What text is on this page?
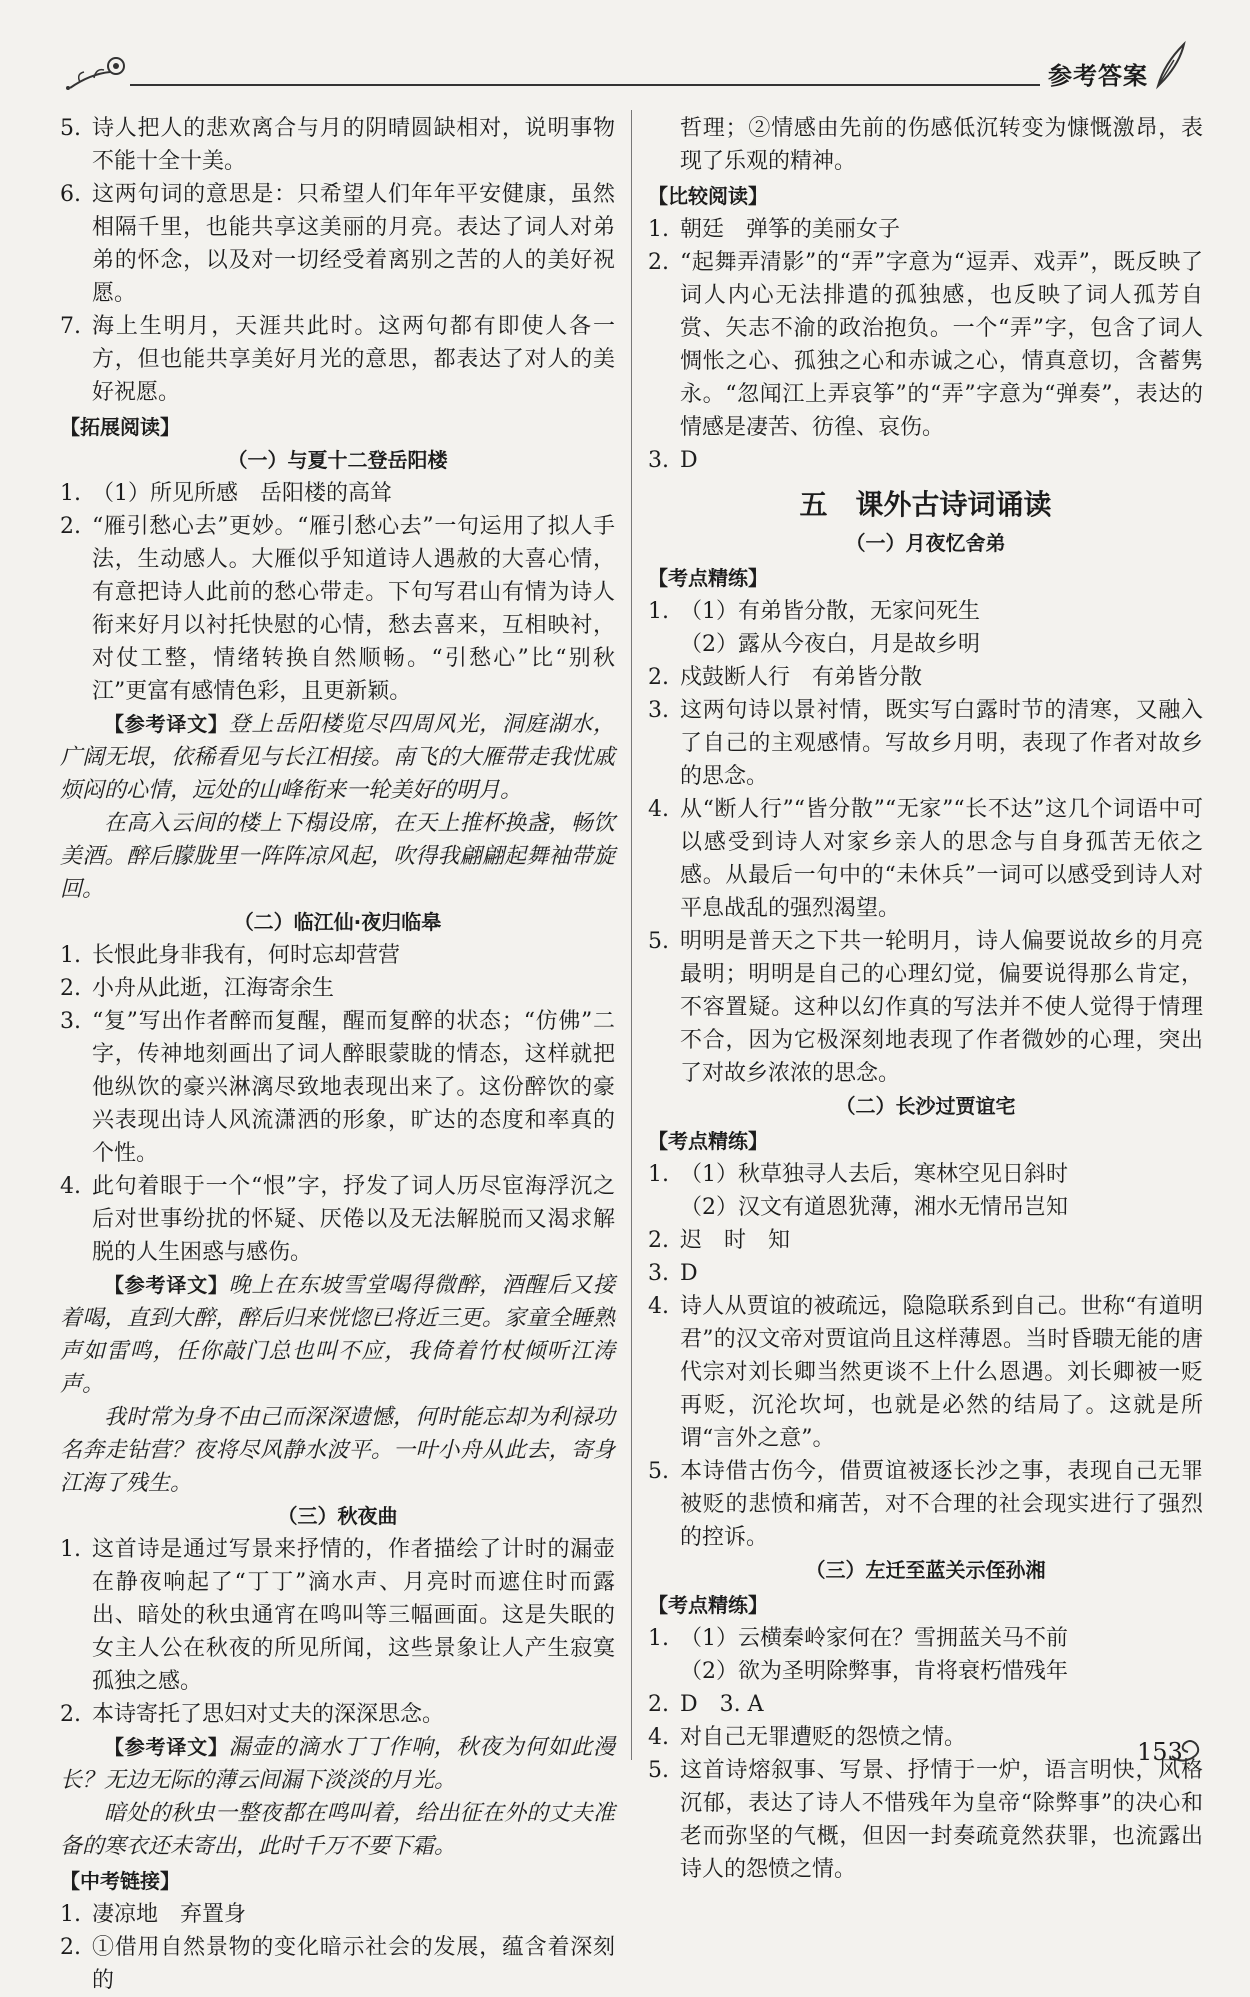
参考答案
5. 诗人把人的悲欢离合与月的阴晴圆缺相对，说明事物不能十全十美。
6. 这两句词的意思是：只希望人们年年平安健康，虽然相隔千里，也能共享这美丽的月亮。表达了词人对弟弟的怀念，以及对一切经受着离别之苦的人的美好祝愿。
7. 海上生明月，天涯共此时。这两句都有即使人各一方，但也能共享美好月光的意思，都表达了对人的美好祝愿。
【拓展阅读】
（一）与夏十二登岳阳楼
1. （1）所见所感　岳阳楼的高耸
2. “雁引愁心去”更妙。“雁引愁心去”一句运用了拟人手法，生动感人。大雁似乎知道诗人遇赦的大喜心情，有意把诗人此前的愁心带走。下句写君山有情为诗人衔来好月以衬托快慰的心情，愁去喜来，互相映衬，对仗工整，情绪转换自然顺畅。“引愁心”比“别秋江”更富有感情色彩，且更新颖。
【参考译文】登上岳阳楼览尽四周风光，洞庭湖水，广阔无垠，依稀看见与长江相接。南飞的大雁带走我忧戚烦闷的心情，远处的山峰衔来一轮美好的明月。
在高入云间的楼上下榻设席，在天上推杯换盏，畅饮美酒。醉后朦胧里一阵阵凉风起，吹得我翩翩起舞袖带旋回。
（二）临江仙·夜归临皋
1. 长恨此身非我有，何时忘却营营
2. 小舟从此逝，江海寄余生
3. “复”写出作者醉而复醒，醒而复醉的状态；“仿佛”二字，传神地刻画出了词人醉眼蒙眬的情态，这样就把他纵饮的豪兴淋漓尽致地表现出来了。这份醉饮的豪兴表现出诗人风流潇洒的形象，旷达的态度和率真的个性。
4. 此句着眼于一个“恨”字，抒发了词人历尽宦海浮沉之后对世事纷扰的怀疑、厌倦以及无法解脱而又渴求解脱的人生困惑与感伤。
【参考译文】晚上在东坡雪堂喝得微醉，酒醒后又接着喝，直到大醉，醉后归来恍惚已将近三更。家童全睡熟声如雷鸣，任你敲门总也叫不应，我倚着竹杖倾听江涛声。
我时常为身不由己而深深遗憾，何时能忘却为利禄功名奔走钻营？夜将尽风静水波平。一叶小舟从此去，寄身江海了残生。
（三）秋夜曲
1. 这首诗是通过写景来抒情的，作者描绘了计时的漏壶在静夜响起了“丁丁”滴水声、月亮时而遮住时而露出、暗处的秋虫通宵在鸣叫等三幅画面。这是失眠的女主人公在秋夜的所见所闻，这些景象让人产生寂寞孤独之感。
2. 本诗寄托了思妇对丈夫的深深思念。
【参考译文】漏壶的滴水丁丁作响，秋夜为何如此漫长？无边无际的薄云间漏下淡淡的月光。
暗处的秋虫一整夜都在鸣叫着，给出征在外的丈夫准备的寒衣还未寄出，此时千万不要下霜。
【中考链接】
1. 凄凉地　弃置身
2. ①借用自然景物的变化暗示社会的发展，蕴含着深刻的
哲理；②情感由先前的伤感低沉转变为慷慨激昂，表现了乐观的精神。
【比较阅读】
1. 朝廷　弹筝的美丽女子
2. “起舞弄清影”的“弄”字意为“逗弄、戏弄”，既反映了词人内心无法排遣的孤独感，也反映了词人孤芳自赏、矢志不渝的政治抱负。一个“弄”字，包含了词人惆怅之心、孤独之心和赤诚之心，情真意切，含蓄隽永。“忽闻江上弄哀筝”的“弄”字意为“弹奏”，表达的情感是凄苦、彷徨、哀伤。
3. D
五　课外古诗词诵读
（一）月夜忆舍弟
【考点精练】
1. （1）有弟皆分散，无家问死生
（2）露从今夜白，月是故乡明
2. 戍鼓断人行　有弟皆分散
3. 这两句诗以景衬情，既实写白露时节的清寒，又融入了自己的主观感情。写故乡月明，表现了作者对故乡的思念。
4. 从“断人行”“皆分散”“无家”“长不达”这几个词语中可以感受到诗人对家乡亲人的思念与自身孤苦无依之感。从最后一句中的“未休兵”一词可以感受到诗人对平息战乱的强烈渴望。
5. 明明是普天之下共一轮明月，诗人偏要说故乡的月亮最明；明明是自己的心理幻觉，偏要说得那么肯定，不容置疑。这种以幻作真的写法并不使人觉得于情理不合，因为它极深刻地表现了作者微妙的心理，突出了对故乡浓浓的思念。
（二）长沙过贾谊宅
【考点精练】
1. （1）秋草独寻人去后，寒林空见日斜时
（2）汉文有道恩犹薄，湘水无情吊岂知
2. 迟　时　知
3. D
4. 诗人从贾谊的被疏远，隐隐联系到自己。世称“有道明君”的汉文帝对贾谊尚且这样薄恩。当时昏聩无能的唐代宗对刘长卿当然更谈不上什么恩遇。刘长卿被一贬再贬，沉沦坎坷，也就是必然的结局了。这就是所谓“言外之意”。
5. 本诗借古伤今，借贾谊被逐长沙之事，表现自己无罪被贬的悲愤和痛苦，对不合理的社会现实进行了强烈的控诉。
（三）左迁至蓝关示侄孙湘
【考点精练】
1. （1）云横秦岭家何在？雪拥蓝关马不前
（2）欲为圣明除弊事，肯将衰朽惜残年
2. D　3. A
4. 对自己无罪遭贬的怨愤之情。
5. 这首诗熔叙事、写景、抒情于一炉，语言明快，风格沉郁，表达了诗人不惜残年为皇帝“除弊事”的决心和老而弥坚的气概，但因一封奏疏竟然获罪，也流露出诗人的怨愤之情。
153
